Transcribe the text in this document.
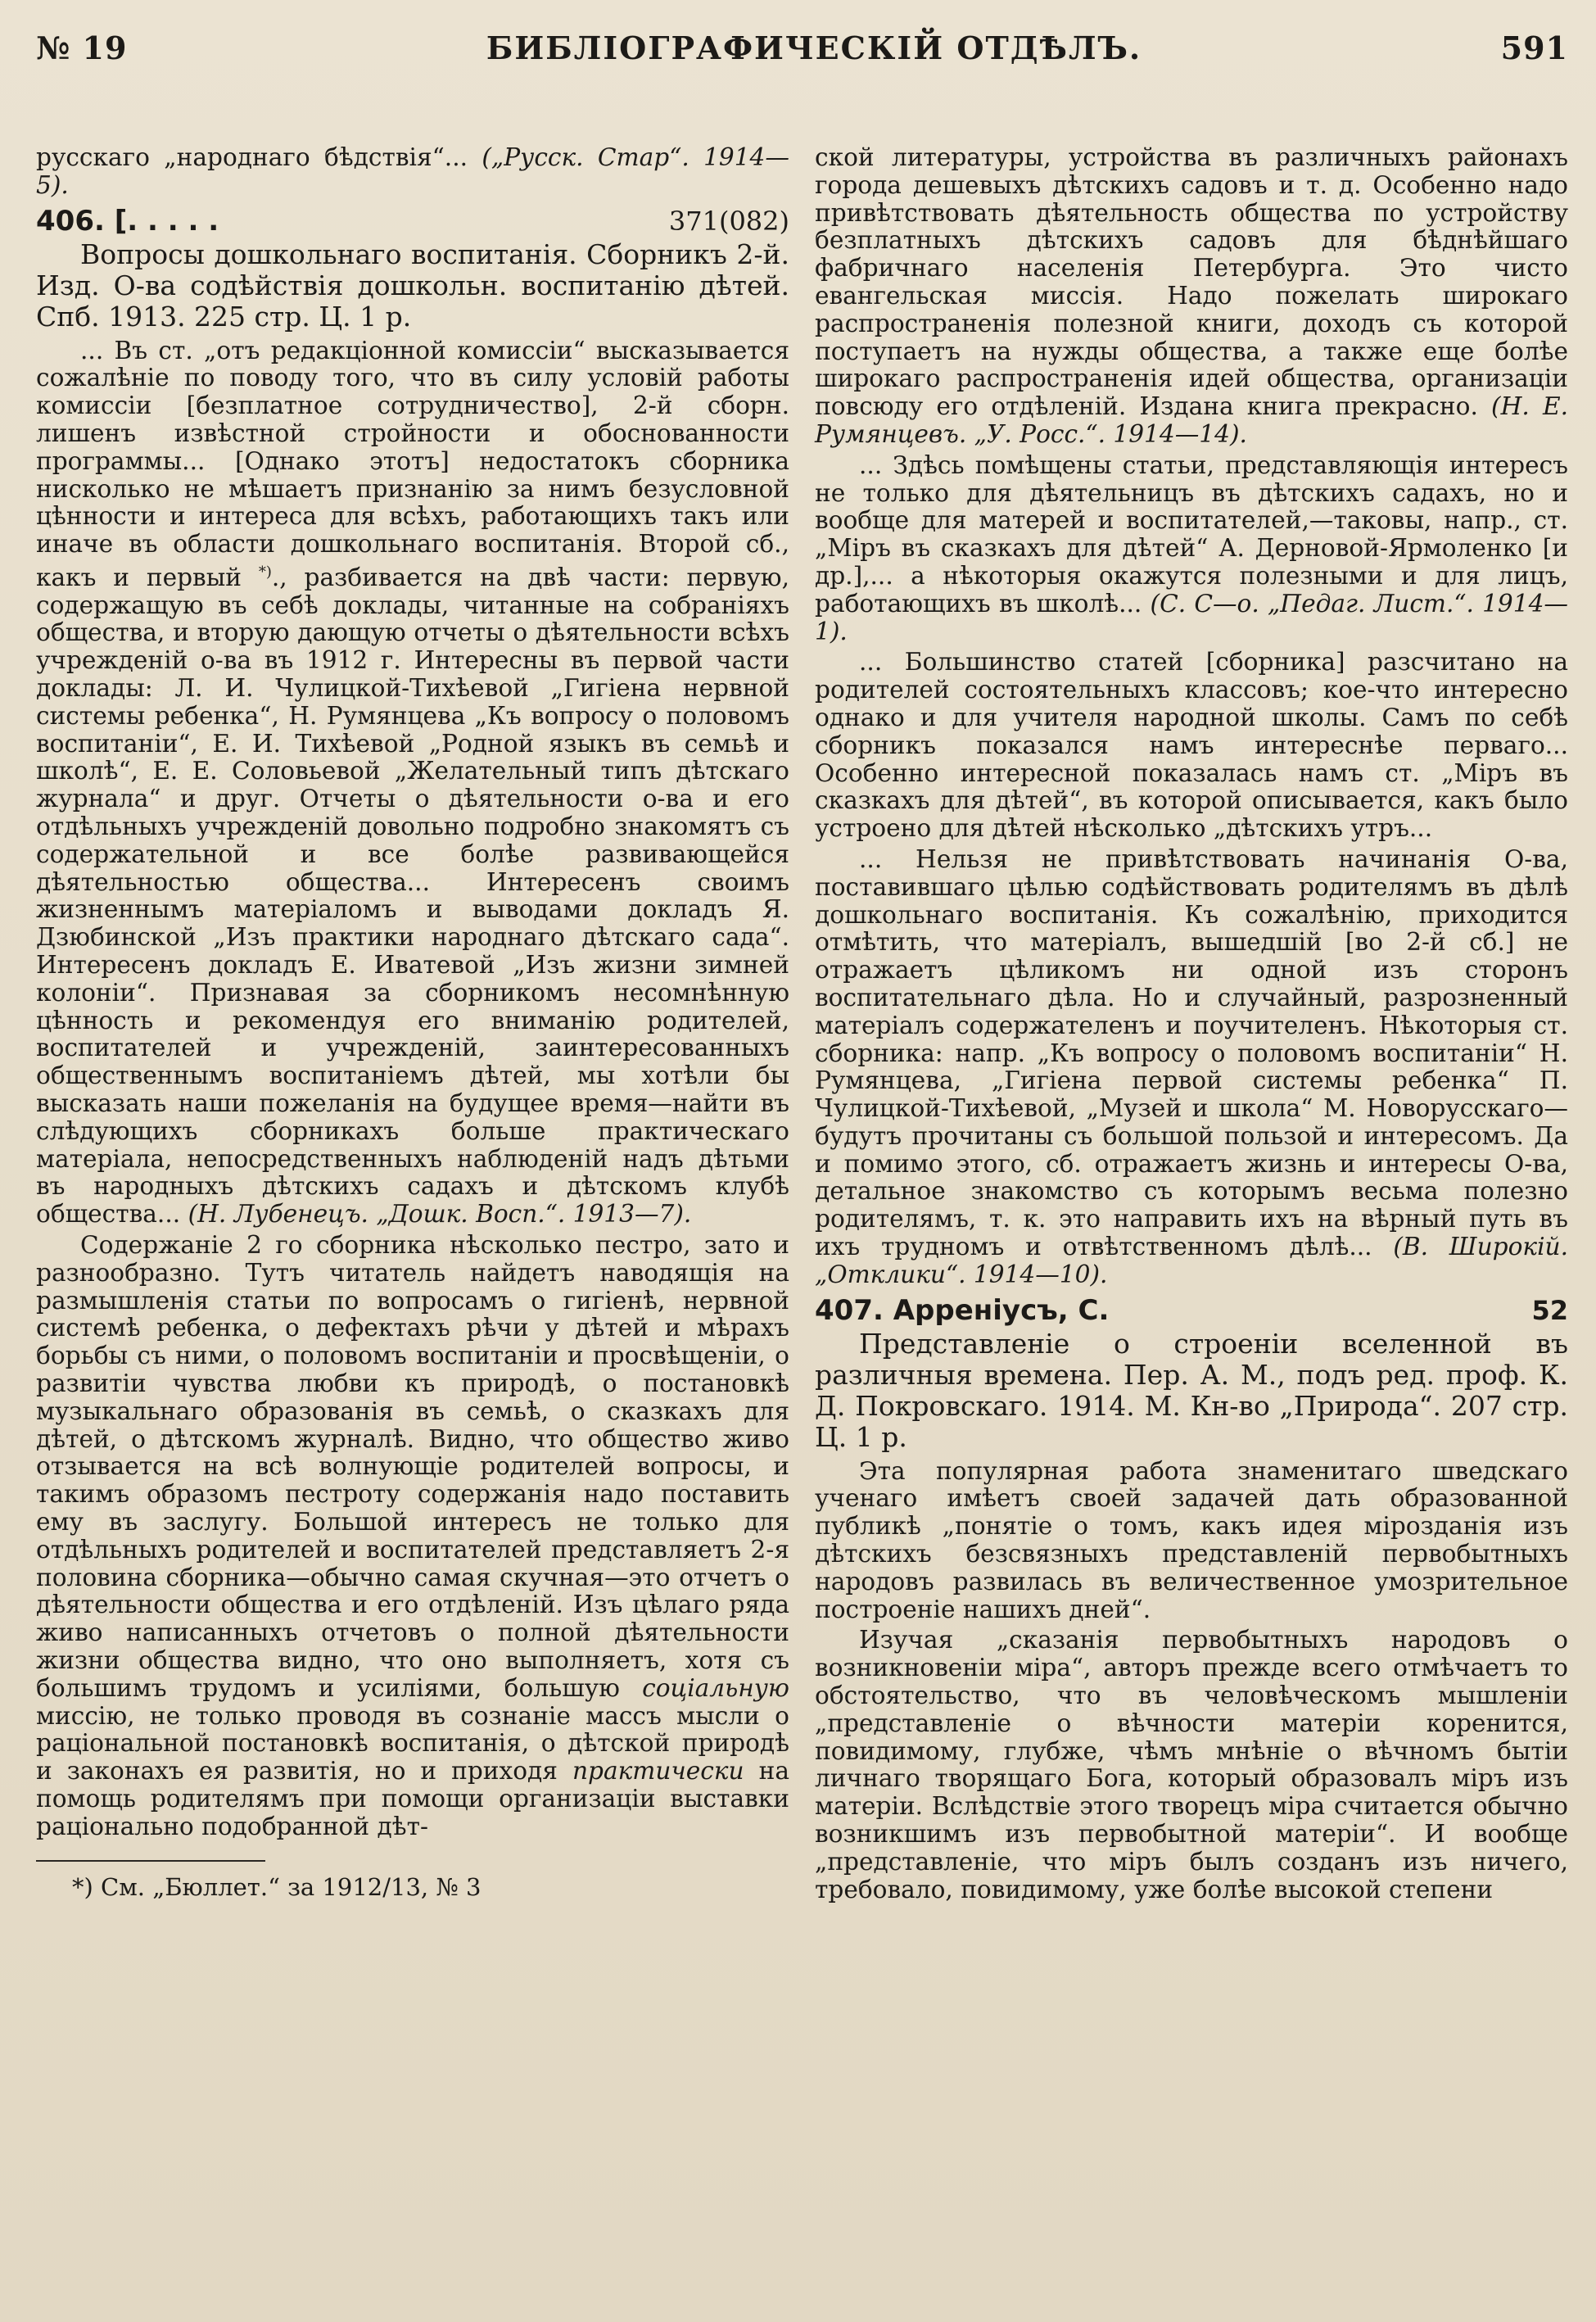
№ 19	БИБЛІОГРАФИЧЕСКІЙ ОТДѢЛЪ.	591

русскаго „народнаго бѣдствія“... („Русск. Стар“. 1914—5).

406. [. . . . .	371(082)

Вопросы дошкольнаго воспитанія. Сборникъ 2-й. Изд. О-ва содѣйствія дошкольн. воспитанію дѣтей. Спб. 1913. 225 стр. Ц. 1 р.

... Въ ст. „отъ редакціонной комиссіи“ высказывается сожалѣніе по поводу того, что въ силу условій работы комиссіи [безплатное сотрудничество], 2-й сборн. лишенъ извѣстной стройности и обоснованности программы... [Однако этотъ] недостатокъ сборника нисколько не мѣшаетъ признанію за нимъ безусловной цѣнности и интереса для всѣхъ, работающихъ такъ или иначе въ области дошкольнаго воспитанія. Второй сб., какъ и первый *)., разбивается на двѣ части: первую, содержащую въ себѣ доклады, читанные на собраніяхъ общества, и вторую дающую отчеты о дѣятельности всѣхъ учрежденій о-ва въ 1912 г. Интересны въ первой части доклады: Л. И. Чулицкой-Тихѣевой „Гигіена нервной системы ребенка“, Н. Румянцева „Къ вопросу о половомъ воспитаніи“, Е. И. Тихѣевой „Родной языкъ въ семьѣ и школѣ“, Е. Е. Соловьевой „Желательный типъ дѣтскаго журнала“ и друг. Отчеты о дѣятельности о-ва и его отдѣльныхъ учрежденій довольно подробно знакомятъ съ содержательной и все болѣе развивающейся дѣятельностью общества... Интересенъ своимъ жизненнымъ матеріаломъ и выводами докладъ Я. Дзюбинской „Изъ практики народнаго дѣтскаго сада“. Интересенъ докладъ Е. Иватевой „Изъ жизни зимней колоніи“. Признавая за сборникомъ несомнѣнную цѣнность и рекомендуя его вниманію родителей, воспитателей и учрежденій, заинтересованныхъ общественнымъ воспитаніемъ дѣтей, мы хотѣли бы высказать наши пожеланія на будущее время—найти въ слѣдующихъ сборникахъ больше практическаго матеріала, непосредственныхъ наблюденій надъ дѣтьми въ народныхъ дѣтскихъ садахъ и дѣтскомъ клубѣ общества... (Н. Лубенецъ. „Дошк. Восп.“. 1913—7).

Содержаніе 2 го сборника нѣсколько пестро, зато и разнообразно. Тутъ читатель найдетъ наводящія на размышленія статьи по вопросамъ о гигіенѣ, нервной системѣ ребенка, о дефектахъ рѣчи у дѣтей и мѣрахъ борьбы съ ними, о половомъ воспитаніи и просвѣщеніи, о развитіи чувства любви къ природѣ, о постановкѣ музыкальнаго образованія въ семьѣ, о сказкахъ для дѣтей, о дѣтскомъ журналѣ. Видно, что общество живо отзывается на всѣ волнующіе родителей вопросы, и такимъ образомъ пестроту содержанія надо поставить ему въ заслугу. Большой интересъ не только для отдѣльныхъ родителей и воспитателей представляетъ 2-я половина сборника—обычно самая скучная—это отчетъ о дѣятельности общества и его отдѣленій. Изъ цѣлаго ряда живо написанныхъ отчетовъ о полной дѣятельности жизни общества видно, что оно выполняетъ, хотя съ большимъ трудомъ и усиліями, большую соціальную миссію, не только проводя въ сознаніе массъ мысли о раціональной постановкѣ воспитанія, о дѣтской природѣ и законахъ ея развитія, но и приходя практически на помощь родителямъ при помощи организаціи выставки раціонально подобранной дѣт-

*) См. „Бюллет.“ за 1912/13, № 3

ской литературы, устройства въ различныхъ районахъ города дешевыхъ дѣтскихъ садовъ и т. д. Особенно надо привѣтствовать дѣятельность общества по устройству безплатныхъ дѣтскихъ садовъ для бѣднѣйшаго фабричнаго населенія Петербурга. Это чисто евангельская миссія. Надо пожелать широкаго распространенія полезной книги, доходъ съ которой поступаетъ на нужды общества, а также еще болѣе широкаго распространенія идей общества, организаціи повсюду его отдѣленій. Издана книга прекрасно. (Н. Е. Румянцевъ. „У. Росс.“. 1914—14).

... Здѣсь помѣщены статьи, представляющія интересъ не только для дѣятельницъ въ дѣтскихъ садахъ, но и вообще для матерей и воспитателей,—таковы, напр., ст. „Міръ въ сказкахъ для дѣтей“ А. Дерновой-Ярмоленко [и др.],... а нѣкоторыя окажутся полезными и для лицъ, работающихъ въ школѣ... (С. С—о. „Педаг. Лист.“. 1914—1).

... Большинство статей [сборника] разсчитано на родителей состоятельныхъ классовъ; кое-что интересно однако и для учителя народной школы. Самъ по себѣ сборникъ показался намъ интереснѣе перваго... Особенно интересной показалась намъ ст. „Міръ въ сказкахъ для дѣтей“, въ которой описывается, какъ было устроено для дѣтей нѣсколько „дѣтскихъ утръ...

... Нельзя не привѣтствовать начинанія О-ва, поставившаго цѣлью содѣйствовать родителямъ въ дѣлѣ дошкольнаго воспитанія. Къ сожалѣнію, приходится отмѣтить, что матеріалъ, вышедшій [во 2-й сб.] не отражаетъ цѣликомъ ни одной изъ сторонъ воспитательнаго дѣла. Но и случайный, разрозненный матеріалъ содержателенъ и поучителенъ. Нѣкоторыя ст. сборника: напр. „Къ вопросу о половомъ воспитаніи“ Н. Румянцева, „Гигіена первой системы ребенка“ П. Чулицкой-Тихѣевой, „Музей и школа“ М. Новорусскаго—будутъ прочитаны съ большой пользой и интересомъ. Да и помимо этого, сб. отражаетъ жизнь и интересы О-ва, детальное знакомство съ которымъ весьма полезно родителямъ, т. к. это направить ихъ на вѣрный путь въ ихъ трудномъ и отвѣтственномъ дѣлѣ... (В. Широкій. „Отклики“. 1914—10).

407. Арреніусъ, С.	52

Представленіе о строеніи вселенной въ различныя времена. Пер. А. М., подъ ред. проф. К. Д. Покровскаго. 1914. М. Кн-во „Природа“. 207 стр. Ц. 1 р.

Эта популярная работа знаменитаго шведскаго ученаго имѣетъ своей задачей дать образованной публикѣ „понятіе о томъ, какъ идея мірозданія изъ дѣтскихъ безсвязныхъ представленій первобытныхъ народовъ развилась въ величественное умозрительное построеніе нашихъ дней“.

Изучая „сказанія первобытныхъ народовъ о возникновеніи міра“, авторъ прежде всего отмѣчаетъ то обстоятельство, что въ человѣческомъ мышленіи „представленіе о вѣчности матеріи коренится, повидимому, глубже, чѣмъ мнѣніе о вѣчномъ бытіи личнаго творящаго Бога, который образовалъ міръ изъ матеріи. Вслѣдствіе этого творецъ міра считается обычно возникшимъ изъ первобытной матеріи“. И вообще „представленіе, что міръ былъ созданъ изъ ничего, требовало, повидимому, уже болѣе высокой степени
